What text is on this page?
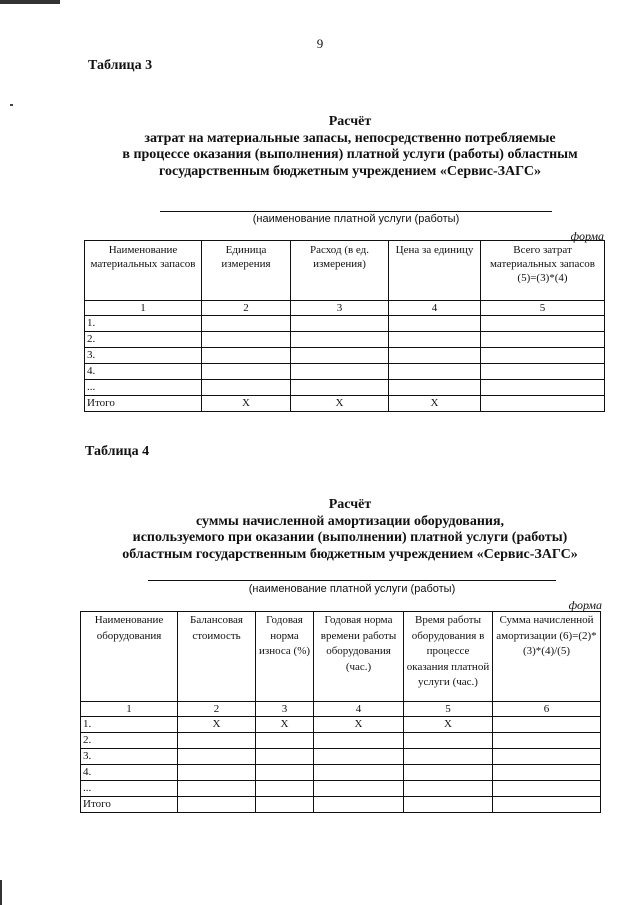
9
Таблица 3
Расчёт
затрат на материальные запасы, непосредственно потребляемые
в процессе оказания (выполнения) платной услуги (работы) областным
государственным бюджетным учреждением «Сервис-ЗАГС»
(наименование платной услуги (работы)
форма
Наименование материальных запасов	Единица измерения	Расход (в ед. измерения)	Цена за единицу	Всего затрат материальных запасов (5)=(3)*(4)
1	2	3	4	5
1.				
2.				
3.				
4.				
...				
Итого	Х	Х	Х	
Таблица 4
Расчёт
суммы начисленной амортизации оборудования,
используемого при оказании (выполнении) платной услуги (работы)
областным государственным бюджетным учреждением «Сервис-ЗАГС»
(наименование платной услуги (работы)
форма
Наименование оборудования	Балансовая стоимость	Годовая норма износа (%)	Годовая норма времени работы оборудования (час.)	Время работы оборудования в процессе оказания платной услуги (час.)	Сумма начисленной амортизации (6)=(2)*(3)*(4)/(5)
1	2	3	4	5	6
1.	Х	Х	Х	Х	
2.					
3.					
4.					
...					
Итого					
